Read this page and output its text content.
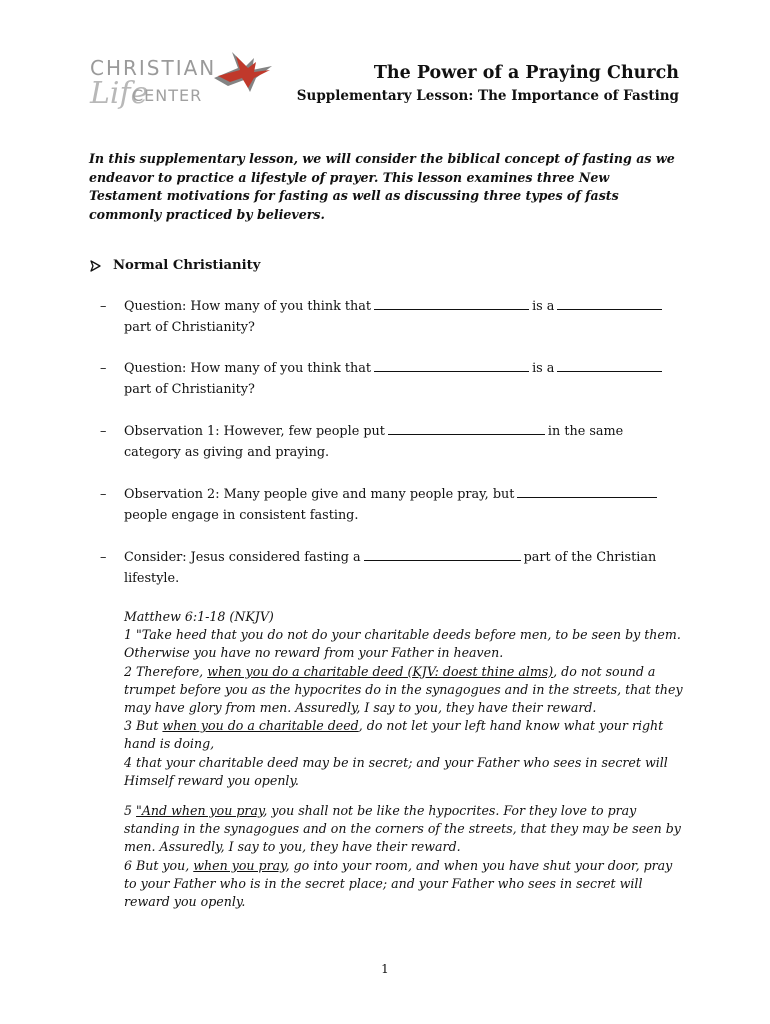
CHRISTIAN
Life
CENTER
The Power of a Praying Church
Supplementary Lesson: The Importance of Fasting
In this supplementary lesson, we will consider the biblical concept of fasting as we endeavor to practice a lifestyle of prayer. This lesson examines three New Testament motivations for fasting as well as discussing three types of fasts commonly practiced by believers.
Normal Christianity
–	Question: How many of you think that	is a
part of Christianity?
–	Question: How many of you think that	is a
part of Christianity?
–	Observation 1: However, few people put	in the same
category as giving and praying.
–	Observation 2: Many people give and many people pray, but
people engage in consistent fasting.
–	Consider: Jesus considered fasting a	part of the Christian
lifestyle.

Matthew 6:1-18 (NKJV)

1 "Take heed that you do not do your charitable deeds before men, to be seen by them. Otherwise you have no reward from your Father in heaven.

2 Therefore, when you do a charitable deed (KJV: doest thine alms), do not sound a trumpet before you as the hypocrites do in the synagogues and in the streets, that they may have glory from men. Assuredly, I say to you, they have their reward.

3 But when you do a charitable deed, do not let your left hand know what your right hand is doing,

4 that your charitable deed may be in secret; and your Father who sees in secret will Himself reward you openly.

5 "And when you pray, you shall not be like the hypocrites. For they love to pray standing in the synagogues and on the corners of the streets, that they may be seen by men. Assuredly, I say to you, they have their reward.

6 But you, when you pray, go into your room, and when you have shut your door, pray to your Father who is in the secret place; and your Father who sees in secret will reward you openly.

1
